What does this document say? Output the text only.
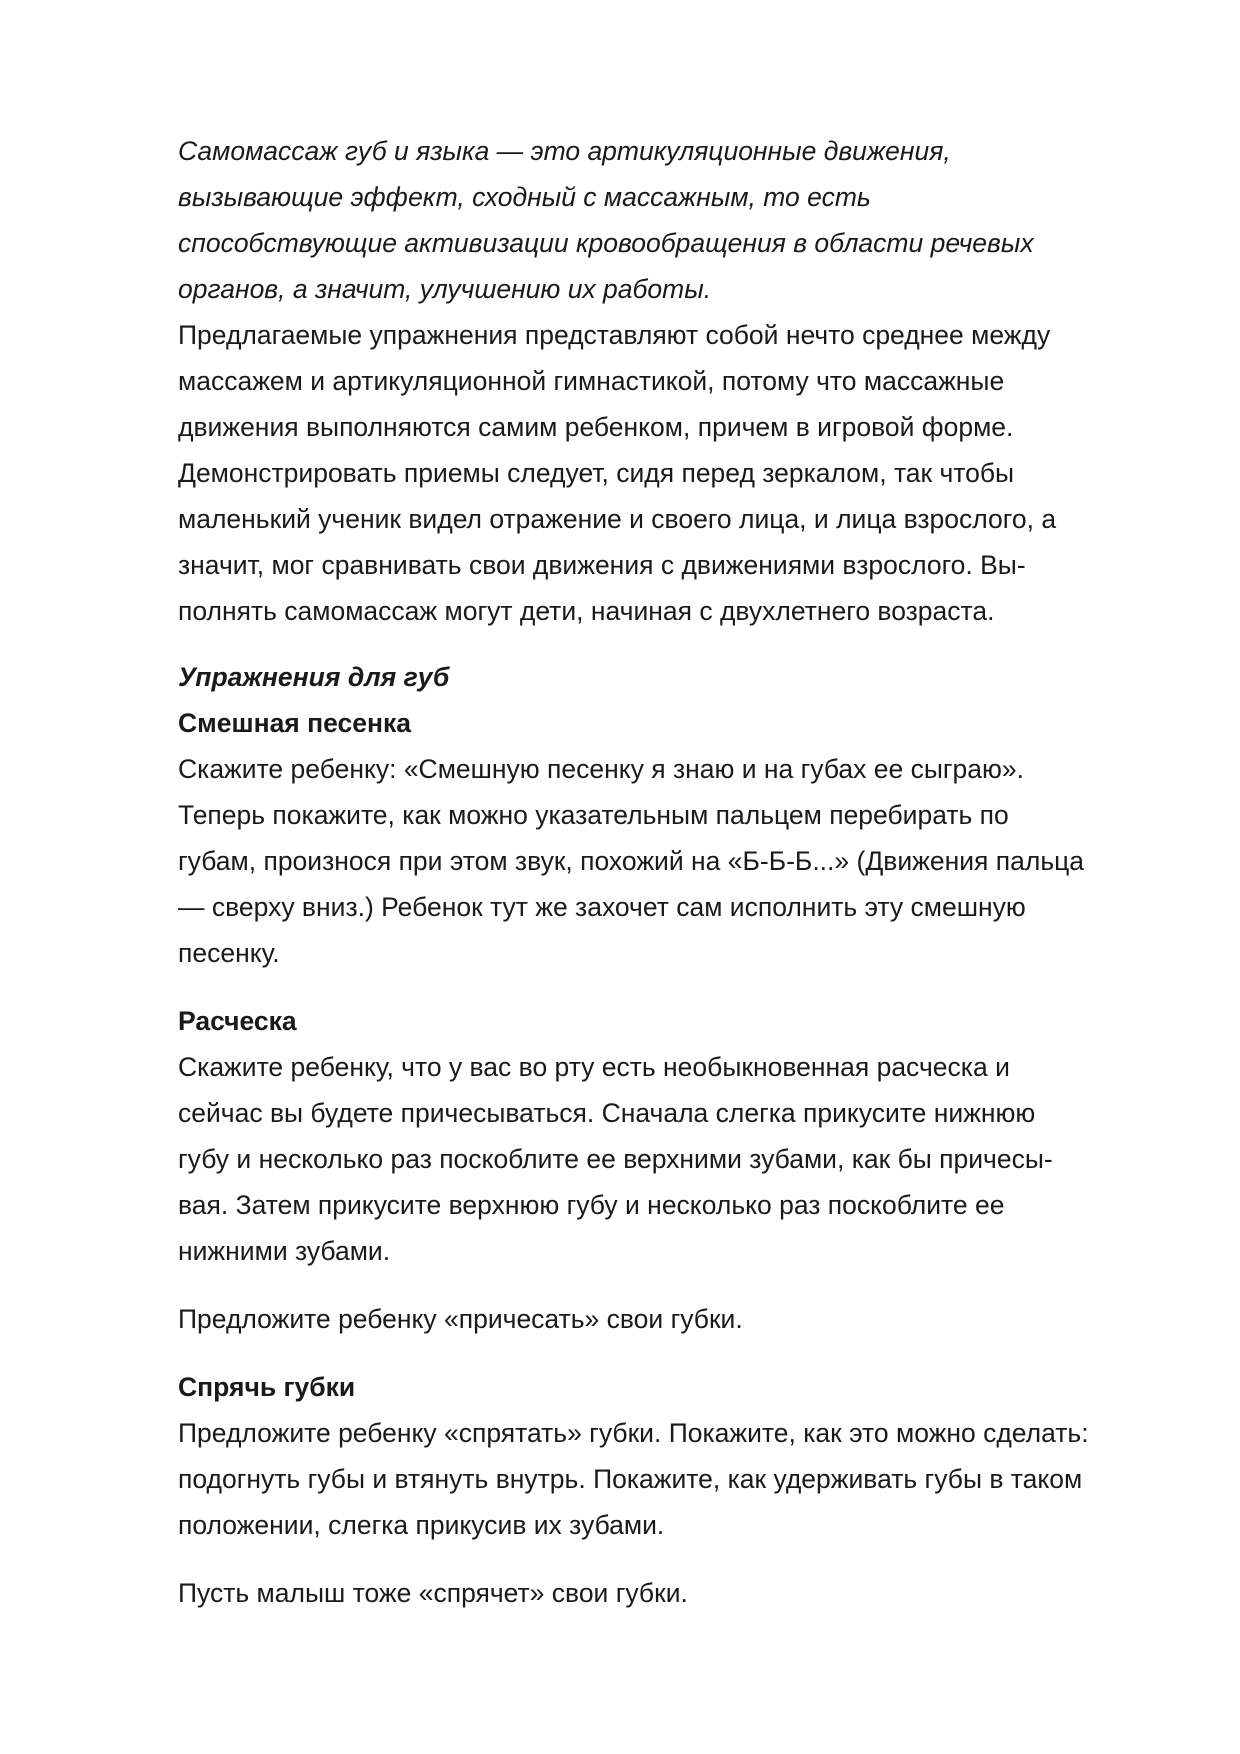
Самомассаж губ и языка — это артикуляционные движения,
вызывающие эффект, сходный с массажным, то есть
способствующие активизации кровообращения в области речевых
органов, а значит, улучшению их работы.
Предлагаемые упражнения представляют собой нечто среднее между
массажем и артикуляционной гимнастикой, потому что массажные
движения выполняются самим ребенком, причем в игровой форме.
Демонстрировать приемы следует, сидя перед зеркалом, так чтобы
маленький ученик видел отражение и своего лица, и лица взрослого, а
значит, мог сравнивать свои движения с движениями взрослого. Вы-
полнять самомассаж могут дети, начиная с двухлетнего возраста.
Упражнения для губ
Смешная песенка
Скажите ребенку: «Смешную песенку я знаю и на губах ее сыграю».
Теперь покажите, как можно указательным пальцем перебирать по
губам, произнося при этом звук, похожий на «Б-Б-Б...» (Движения пальца
— сверху вниз.) Ребенок тут же захочет сам исполнить эту смешную
песенку.
Расческа
Скажите ребенку, что у вас во рту есть необыкновенная расческа и
сейчас вы будете причесываться. Сначала слегка прикусите нижнюю
губу и несколько раз поскоблите ее верхними зубами, как бы причесы-
вая. Затем прикусите верхнюю губу и несколько раз поскоблите ее
нижними зубами.
Предложите ребенку «причесать» свои губки.
Спрячь губки
Предложите ребенку «спрятать» губки. Покажите, как это можно сделать:
подогнуть губы и втянуть внутрь. Покажите, как удерживать губы в таком
положении, слегка прикусив их зубами.
Пусть малыш тоже «спрячет» свои губки.
